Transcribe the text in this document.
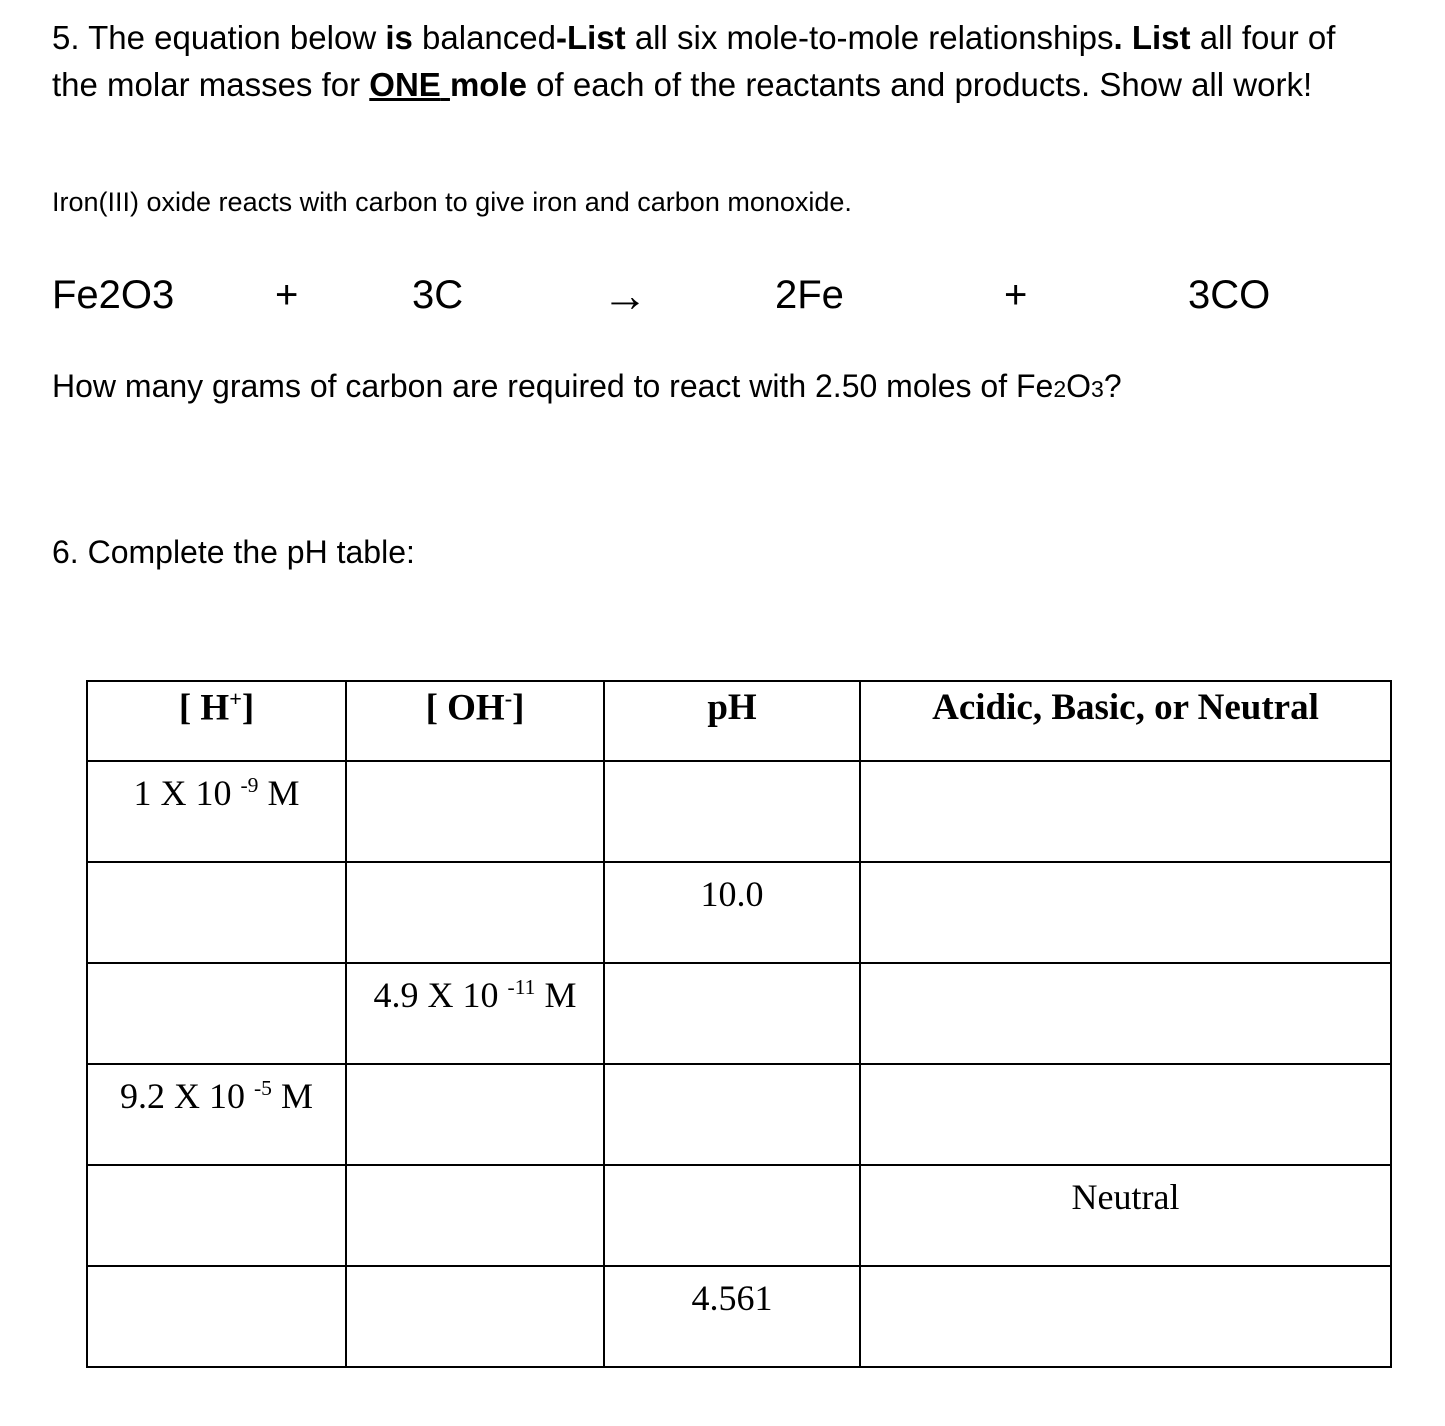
5. The equation below is balanced-List all six mole-to-mole relationships. List all four of the molar masses for ONE mole of each of the reactants and products. Show all work!
Iron(III) oxide reacts with carbon to give iron and carbon monoxide.
Fe2O3	+	3C	→	2Fe	+	3CO
How many grams of carbon are required to react with 2.50 moles of Fe2O3?
6. Complete the pH table:
[ H+]	[ OH-]	pH	Acidic, Basic, or Neutral
1 X 10 $^{-9}$ M			
		10.0	
	4.9 X 10 $^{-11}$ M		
9.2 X 10 $^{-5}$ M			
			Neutral
		4.561	
